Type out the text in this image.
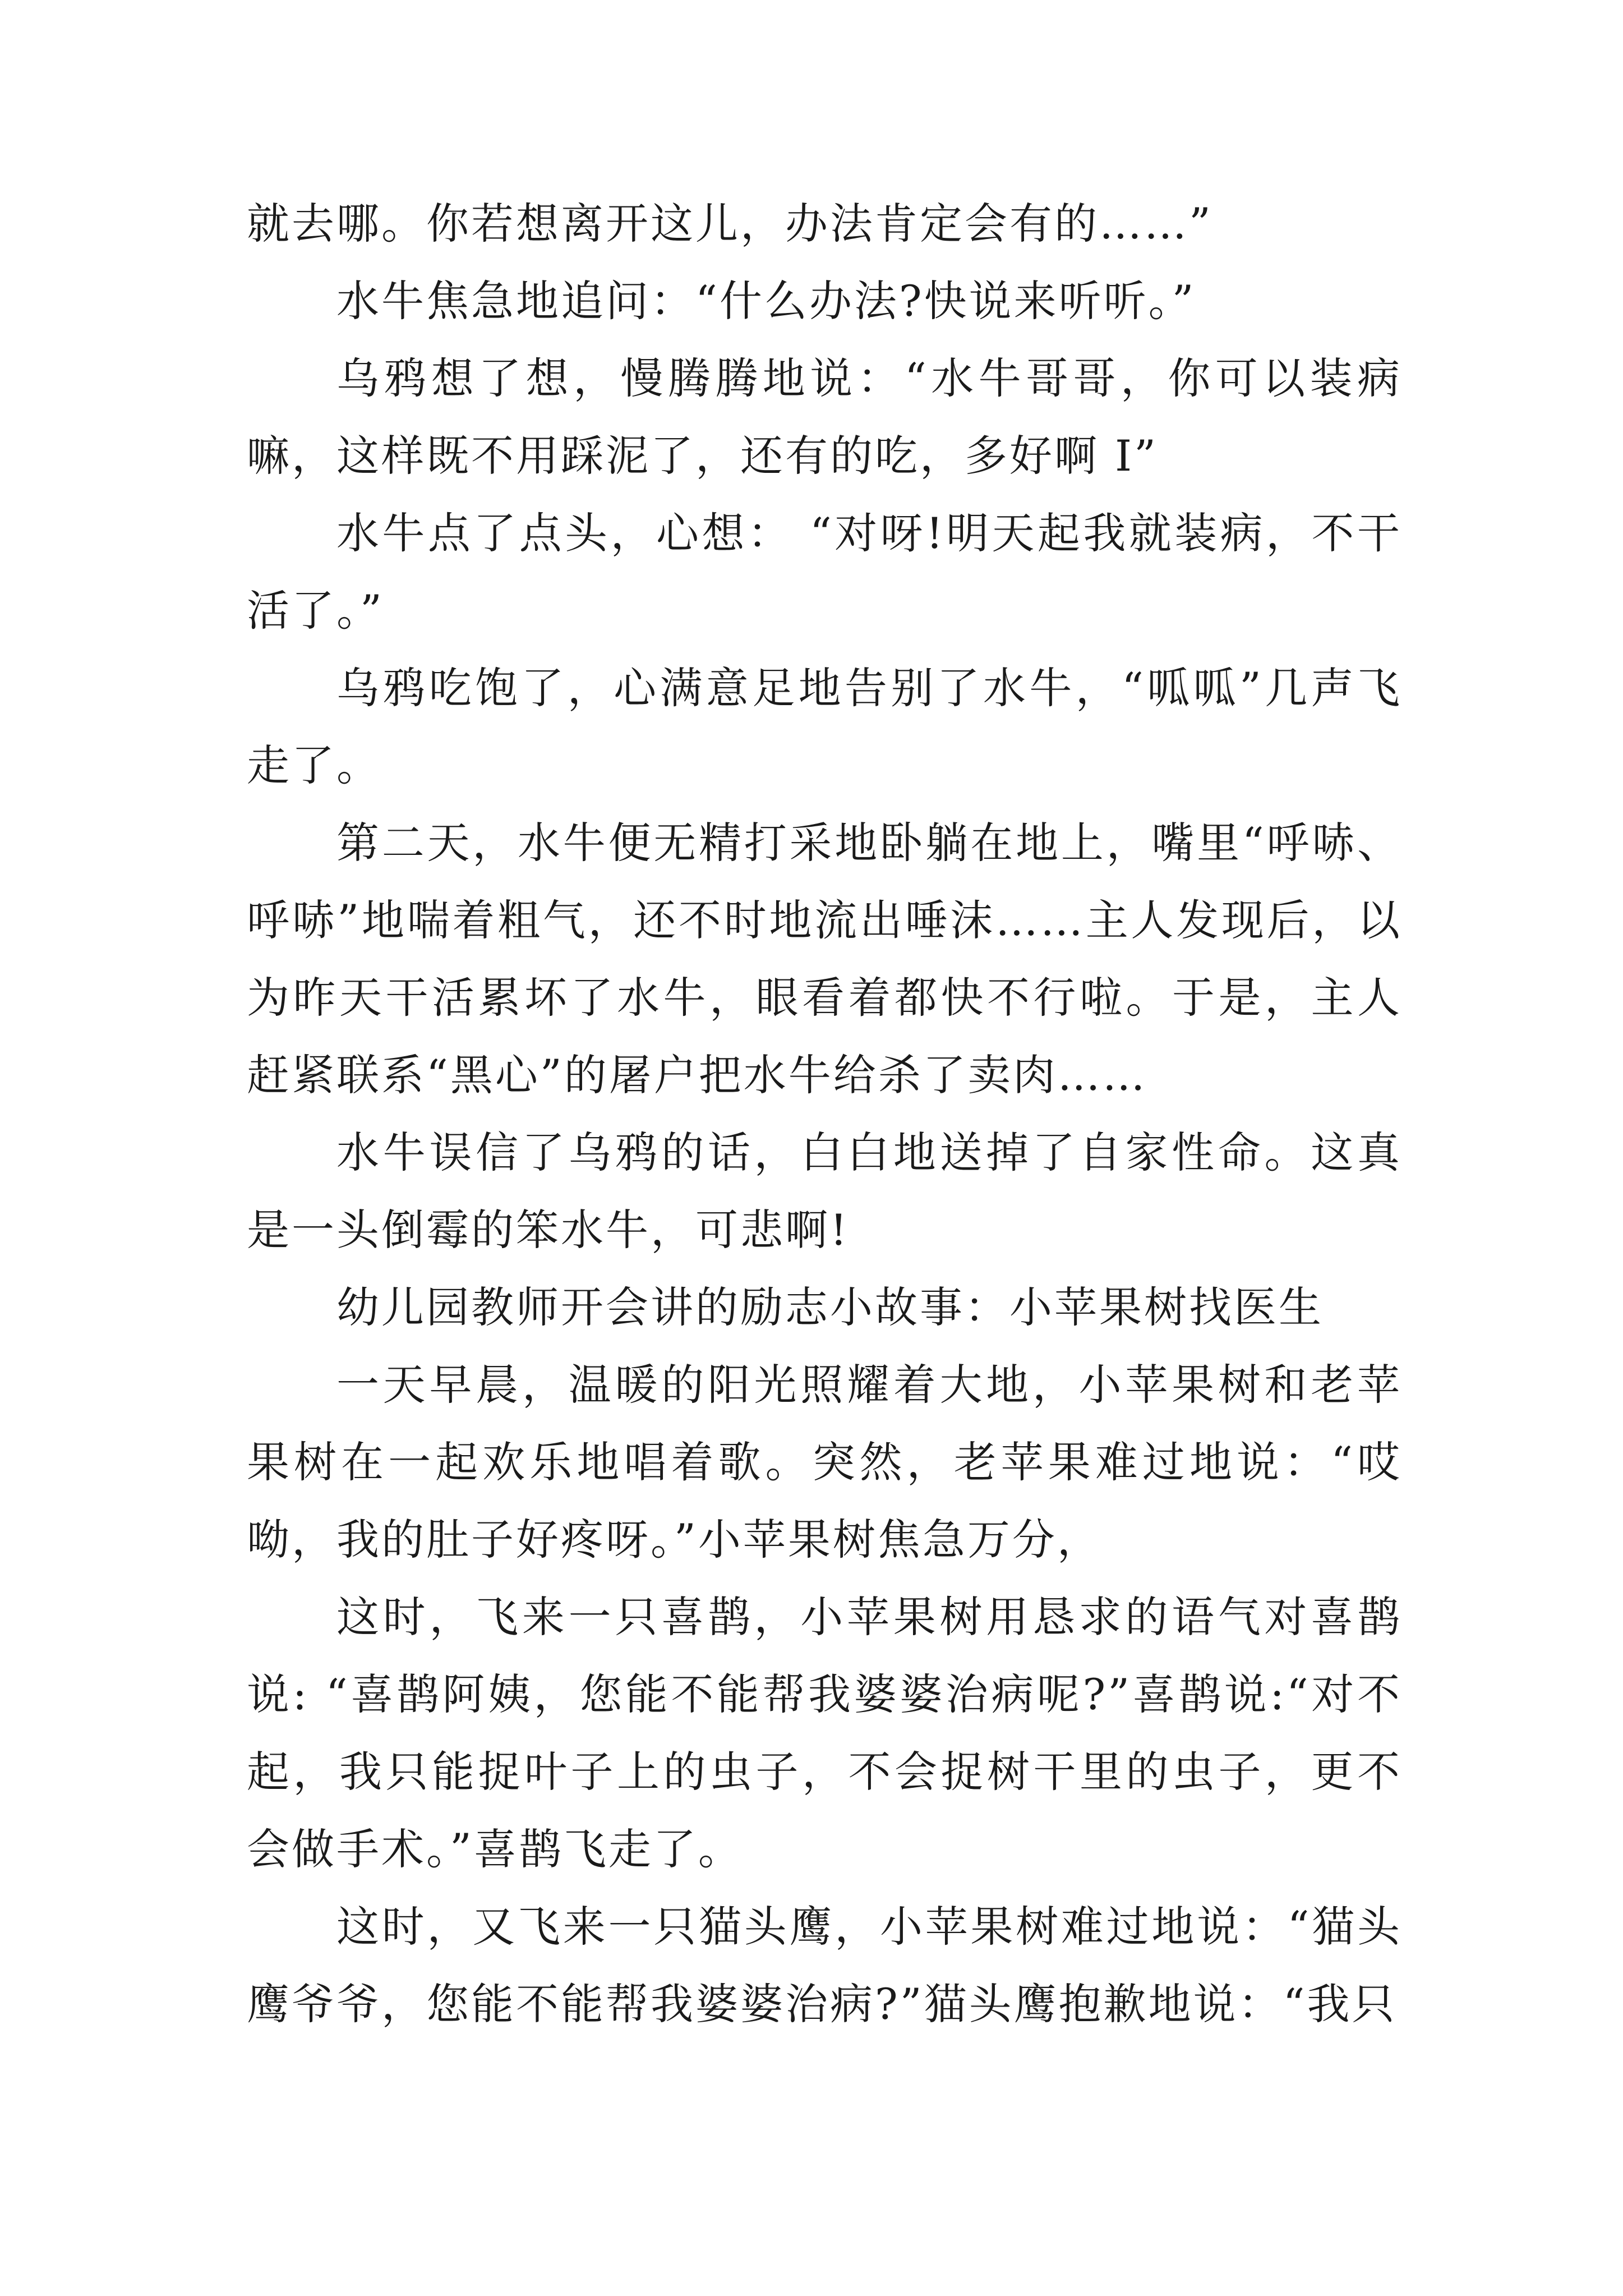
就去哪。你若想离开这儿，办法肯定会有的……”

水牛焦急地追问：“什么办法?快说来听听。”

乌鸦想了想，慢腾腾地说：“水牛哥哥，你可以装病嘛，这样既不用踩泥了，还有的吃，多好啊 I”

水牛点了点头，心想： “对呀!明天起我就装病，不干活了。”

乌鸦吃饱了，心满意足地告别了水牛，“呱呱”几声飞走了。

第二天，水牛便无精打采地卧躺在地上，嘴里“呼哧、呼哧”地喘着粗气，还不时地流出唾沫……主人发现后，以为昨天干活累坏了水牛，眼看着都快不行啦。于是，主人赶紧联系“黑心”的屠户把水牛给杀了卖肉……

水牛误信了乌鸦的话，白白地送掉了自家性命。这真是一头倒霉的笨水牛，可悲啊!

幼儿园教师开会讲的励志小故事：小苹果树找医生

一天早晨，温暖的阳光照耀着大地，小苹果树和老苹果树在一起欢乐地唱着歌。突然，老苹果难过地说：“哎呦，我的肚子好疼呀。”小苹果树焦急万分，

这时，飞来一只喜鹊，小苹果树用恳求的语气对喜鹊说: “喜鹊阿姨，您能不能帮我婆婆治病呢?”喜鹊说:“对不起，我只能捉叶子上的虫子，不会捉树干里的虫子，更不会做手术。”喜鹊飞走了。

这时，又飞来一只猫头鹰，小苹果树难过地说：“猫头鹰爷爷，您能不能帮我婆婆治病?”猫头鹰抱歉地说：“我只
